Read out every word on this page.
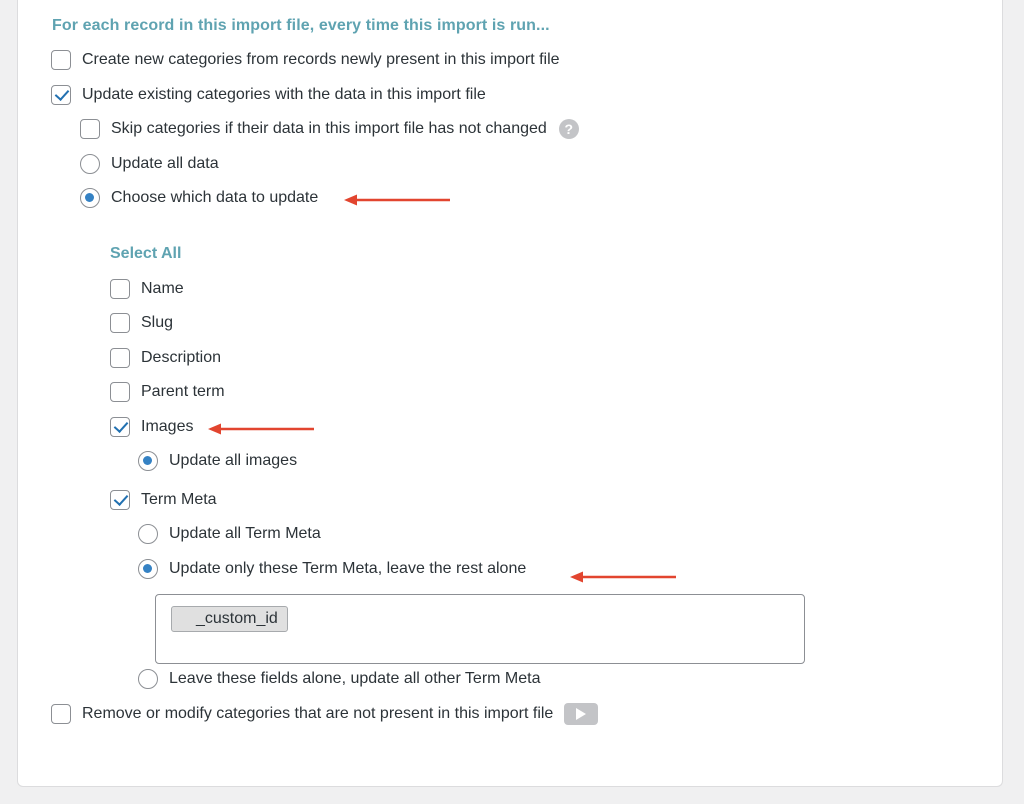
For each record in this import file, every time this import is run...
Create new categories from records newly present in this import file
Update existing categories with the data in this import file
Skip categories if their data in this import file has not changed	?
Update all data
Choose which data to update
Select All
Name
Slug
Description
Parent term
Images
Update all images
Term Meta
Update all Term Meta
Update only these Term Meta, leave the rest alone
_custom_id
Leave these fields alone, update all other Term Meta
Remove or modify categories that are not present in this import file
